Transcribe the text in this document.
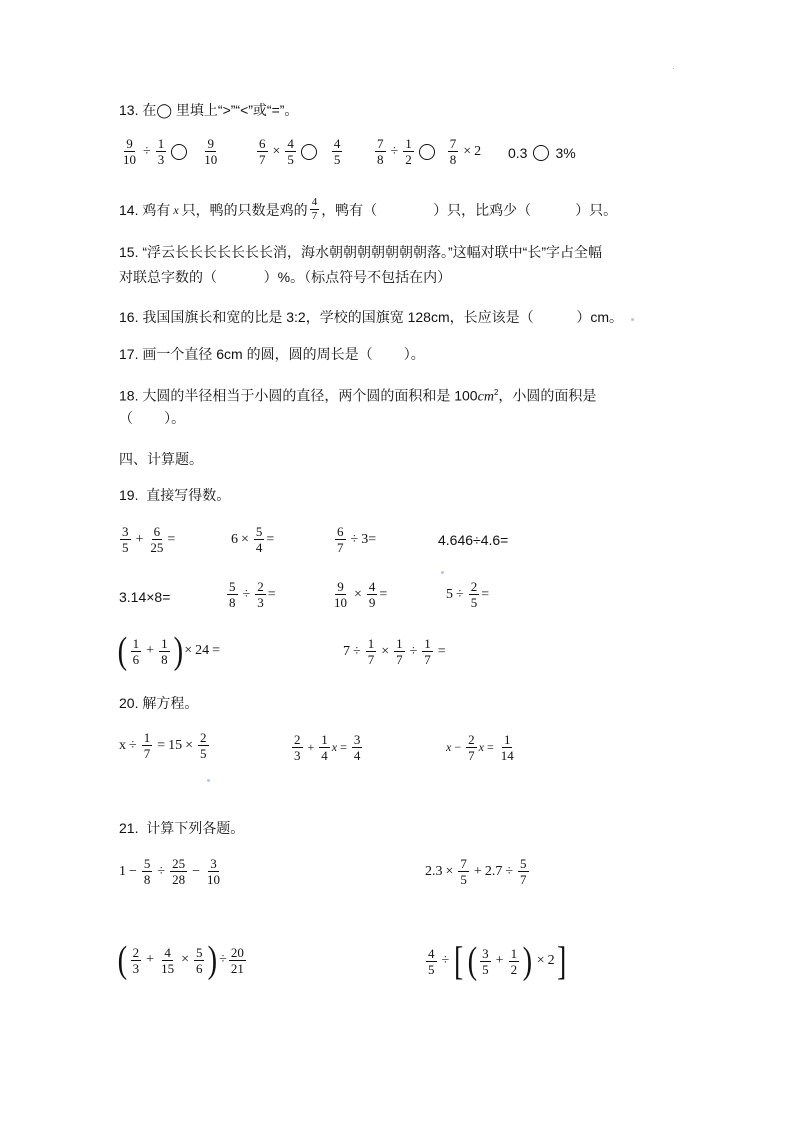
·
13. 在◯ 里填上“>”“<”或“=”。
$\frac{9}{10} \div \frac{1}{3}$	$\frac{9}{10}$	$\frac{6}{7} \times \frac{4}{5}$	$\frac{4}{5}$	$\frac{7}{8} \div \frac{1}{2}$	$\frac{7}{8} \times 2$ 0.3 3%
14. 鸡有 x 只，鸭的只数是鸡的 $\frac{4}{7}$ ，鸭有（	）只，比鸡少（	）只。
15. “浮云长长长长长长长消，海水朝朝朝朝朝朝朝落。”这幅对联中“长”字占全幅
对联总字数的（            ）%。（标点符号不包括在内）
16. 我国国旗长和宽的比是 3:2，学校的国旗宽 128cm，长应该是（           ）cm。
17. 画一个直径 6cm 的圆，圆的周长是（        ）。
18. 大圆的半径相当于小圆的直径，两个圆的面积和是 $100cm^2$，小圆的面积是
（        ）。
四、计算题。
19.  直接写得数。
$\frac{3}{5} + \frac{6}{25}$ =	$6 \times \frac{5}{4}$ =	$\frac{6}{7} \div 3$ =	4.646÷4.6=
3.14×8=	$\frac{5}{8} \div \frac{2}{3}$ =	$\frac{9}{10} \times \frac{4}{9}$ =	$5 \div \frac{2}{5}$ =
( $\frac{1}{6} + \frac{1}{8}$ ) × 24 =	$7 \div \frac{1}{7} \times \frac{1}{7} \div \frac{1}{7}$ =
20. 解方程。
$x \div \frac{1}{7} = 15 \times \frac{2}{5}$	$\frac{2}{3} + \frac{1}{4}$ $x = \frac{3}{4}$	$x - \frac{2}{7}$ $x = \frac{1}{14}$
21.  计算下列各题。
$1 - \frac{5}{8} \div \frac{25}{28} - \frac{3}{10}$	$2.3 \times \frac{7}{5} + 2.7 \div \frac{5}{7}$
( $\frac{2}{3} + \frac{4}{15} \times \frac{5}{6}$ ) ÷ $\frac{20}{21}$	$\frac{4}{5}$ ÷ [ ( $\frac{3}{5} + \frac{1}{2}$ ) × 2 ]
